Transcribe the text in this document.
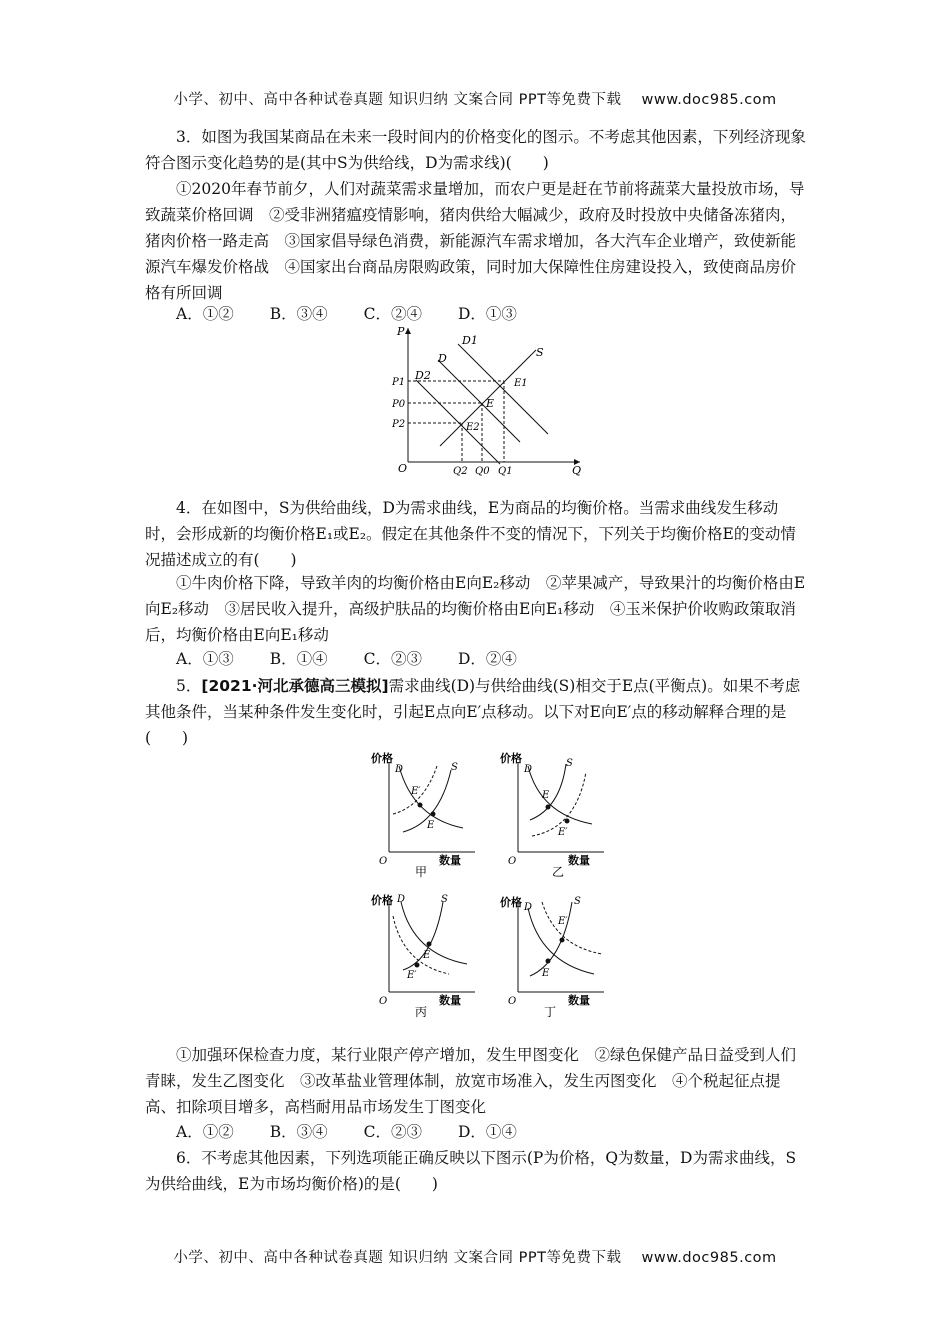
小学、初中、高中各种试卷真题 知识归纳 文案合同 PPT等免费下载 www.doc985.com

3．如图为我国某商品在未来一段时间内的价格变化的图示。不考虑其他因素，下列经济现象符合图示变化趋势的是(其中S为供给线，D为需求线)(　　)

①2020年春节前夕，人们对蔬菜需求量增加，而农户更是赶在节前将蔬菜大量投放市场，导致蔬菜价格回调　②受非洲猪瘟疫情影响，猪肉供给大幅减少，政府及时投放中央储备冻猪肉，猪肉价格一路走高　③国家倡导绿色消费，新能源汽车需求增加，各大汽车企业增产，致使新能源汽车爆发价格战　④国家出台商品房限购政策，同时加大保障性住房建设投入，致使商品房价格有所回调

A．①② B．③④ C．②④ D．①③
P
Q
O
P1
P0
P2
Q2 Q0 Q1
D1
D
D2
S
E
E1
E2

4．在如图中，S为供给曲线，D为需求曲线，E为商品的均衡价格。当需求曲线发生移动时，会形成新的均衡价格E₁或E₂。假定在其他条件不变的情况下，下列关于均衡价格E的变动情况描述成立的有(　　)

①牛肉价格下降，导致羊肉的均衡价格由E向E₂移动　②苹果减产，导致果汁的均衡价格由E向E₂移动　③居民收入提升，高级护肤品的均衡价格由E向E₁移动　④玉米保护价收购政策取消后，均衡价格由E向E₁移动

A．①③ B．①④ C．②③ D．②④

5．[2021·河北承德高三模拟]需求曲线(D)与供给曲线(S)相交于E点(平衡点)。如果不考虑其他条件，当某种条件发生变化时，引起E点向E′点移动。以下对E向E′点的移动解释合理的是(　　)

价格
数量
O
D	S
E
E′
甲
价格
数量
O
D
S
E
E′
乙
价格
数量
O
D	S
E
E′
丙
价格
数量
O
D
S
E
E′
丁

①加强环保检查力度，某行业限产停产增加，发生甲图变化　②绿色保健产品日益受到人们青睐，发生乙图变化　③改革盐业管理体制，放宽市场准入，发生丙图变化　④个税起征点提高、扣除项目增多，高档耐用品市场发生丁图变化

A．①② B．③④ C．②③ D．①④

6．不考虑其他因素，下列选项能正确反映以下图示(P为价格，Q为数量，D为需求曲线，S为供给曲线，E为市场均衡价格)的是(　　)

小学、初中、高中各种试卷真题 知识归纳 文案合同 PPT等免费下载 www.doc985.com
